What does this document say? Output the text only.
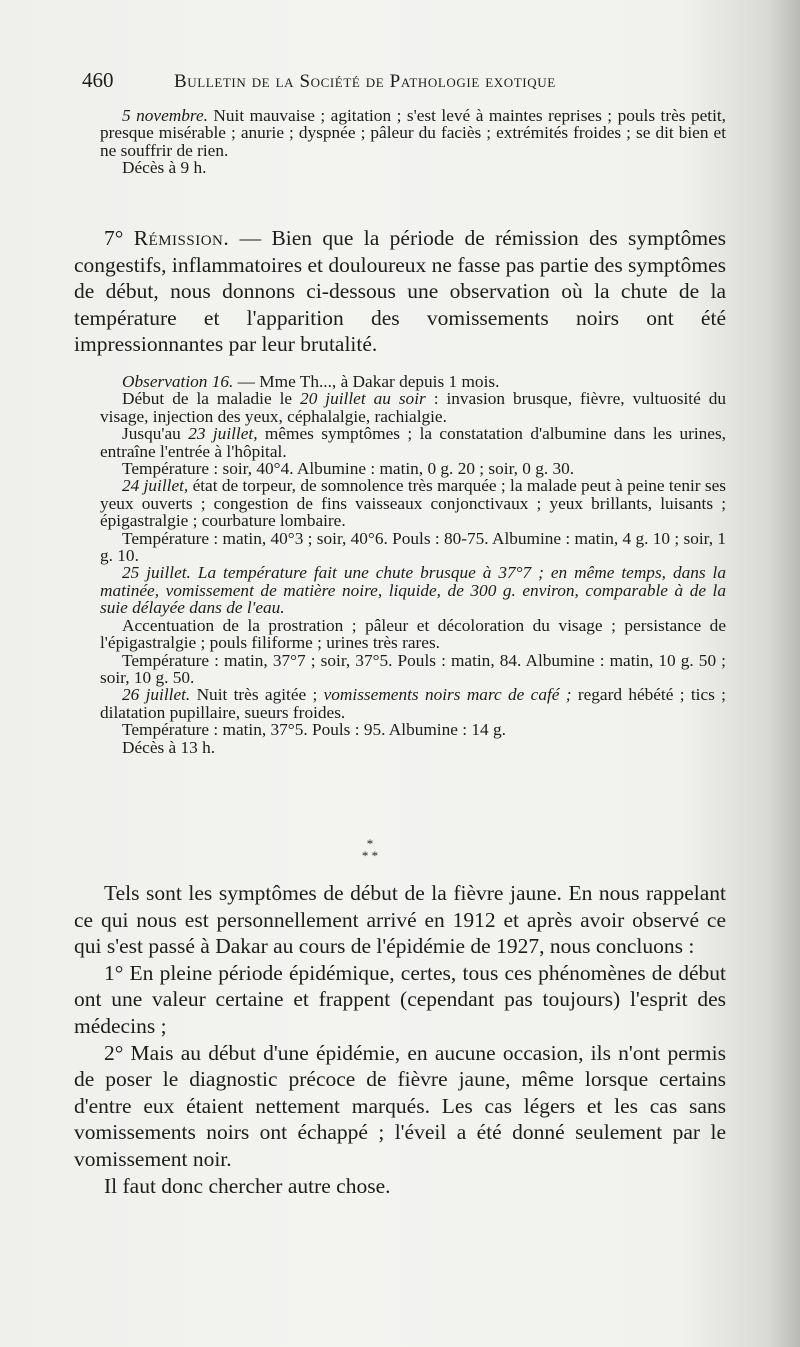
460	Bulletin de la Société de Pathologie exotique

5 novembre. Nuit mauvaise ; agitation ; s'est levé à maintes reprises ; pouls très petit, presque misérable ; anurie ; dyspnée ; pâleur du faciès ; extrémités froides ; se dit bien et ne souffrir de rien.

Décès à 9 h.

7° Rémission. — Bien que la période de rémission des symptômes congestifs, inflammatoires et douloureux ne fasse pas partie des symptômes de début, nous donnons ci-dessous une observation où la chute de la température et l'apparition des vomissements noirs ont été impressionnantes par leur brutalité.

Observation 16. — Mme Th..., à Dakar depuis 1 mois.

Début de la maladie le 20 juillet au soir : invasion brusque, fièvre, vultuosité du visage, injection des yeux, céphalalgie, rachialgie.

Jusqu'au 23 juillet, mêmes symptômes ; la constatation d'albumine dans les urines, entraîne l'entrée à l'hôpital.

Température : soir, 40°4. Albumine : matin, 0 g. 20 ; soir, 0 g. 30.

24 juillet, état de torpeur, de somnolence très marquée ; la malade peut à peine tenir ses yeux ouverts ; congestion de fins vaisseaux conjonctivaux ; yeux brillants, luisants ; épigastralgie ; courbature lombaire.

Température : matin, 40°3 ; soir, 40°6. Pouls : 80-75. Albumine : matin, 4 g. 10 ; soir, 1 g. 10.

25 juillet. La température fait une chute brusque à 37°7 ; en même temps, dans la matinée, vomissement de matière noire, liquide, de 300 g. environ, comparable à de la suie délayée dans de l'eau.

Accentuation de la prostration ; pâleur et décoloration du visage ; persistance de l'épigastralgie ; pouls filiforme ; urines très rares.

Température : matin, 37°7 ; soir, 37°5. Pouls : matin, 84. Albumine : matin, 10 g. 50 ; soir, 10 g. 50.

26 juillet. Nuit très agitée ; vomissements noirs marc de café ; regard hébété ; tics ; dilatation pupillaire, sueurs froides.

Température : matin, 37°5. Pouls : 95. Albumine : 14 g.

Décès à 13 h.

*
* *

Tels sont les symptômes de début de la fièvre jaune. En nous rappelant ce qui nous est personnellement arrivé en 1912 et après avoir observé ce qui s'est passé à Dakar au cours de l'épidémie de 1927, nous concluons :

1° En pleine période épidémique, certes, tous ces phénomènes de début ont une valeur certaine et frappent (cependant pas toujours) l'esprit des médecins ;

2° Mais au début d'une épidémie, en aucune occasion, ils n'ont permis de poser le diagnostic précoce de fièvre jaune, même lorsque certains d'entre eux étaient nettement marqués. Les cas légers et les cas sans vomissements noirs ont échappé ; l'éveil a été donné seulement par le vomissement noir.

Il faut donc chercher autre chose.
